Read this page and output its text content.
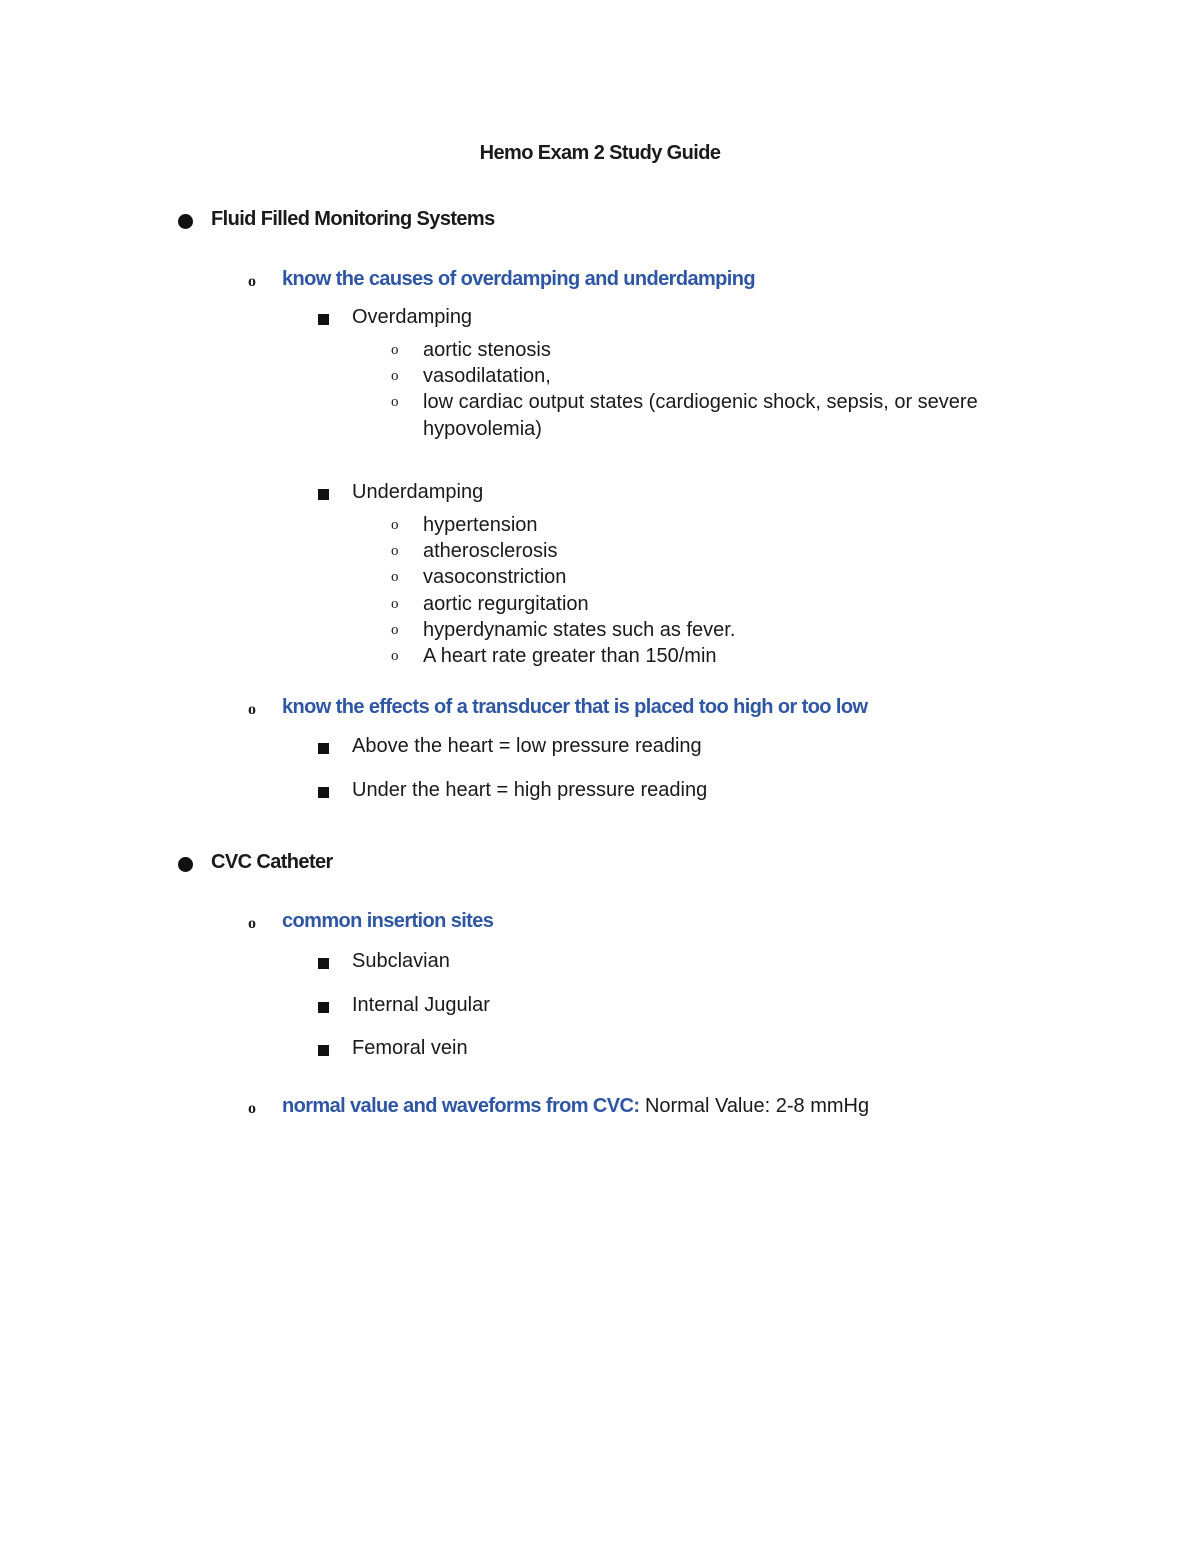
Hemo Exam 2 Study Guide
Fluid Filled Monitoring Systems
o know the causes of overdamping and underdamping
Overdamping
o aortic stenosis
o vasodilatation,
o low cardiac output states (cardiogenic shock, sepsis, or severe
hypovolemia)
Underdamping
o hypertension
o atherosclerosis
o vasoconstriction
o aortic regurgitation
o hyperdynamic states such as fever.
o A heart rate greater than 150/min
o know the effects of a transducer that is placed too high or too low
Above the heart = low pressure reading
Under the heart = high pressure reading
CVC Catheter
o common insertion sites
Subclavian
Internal Jugular
Femoral vein
o normal value and waveforms from CVC: Normal Value: 2-8 mmHg
